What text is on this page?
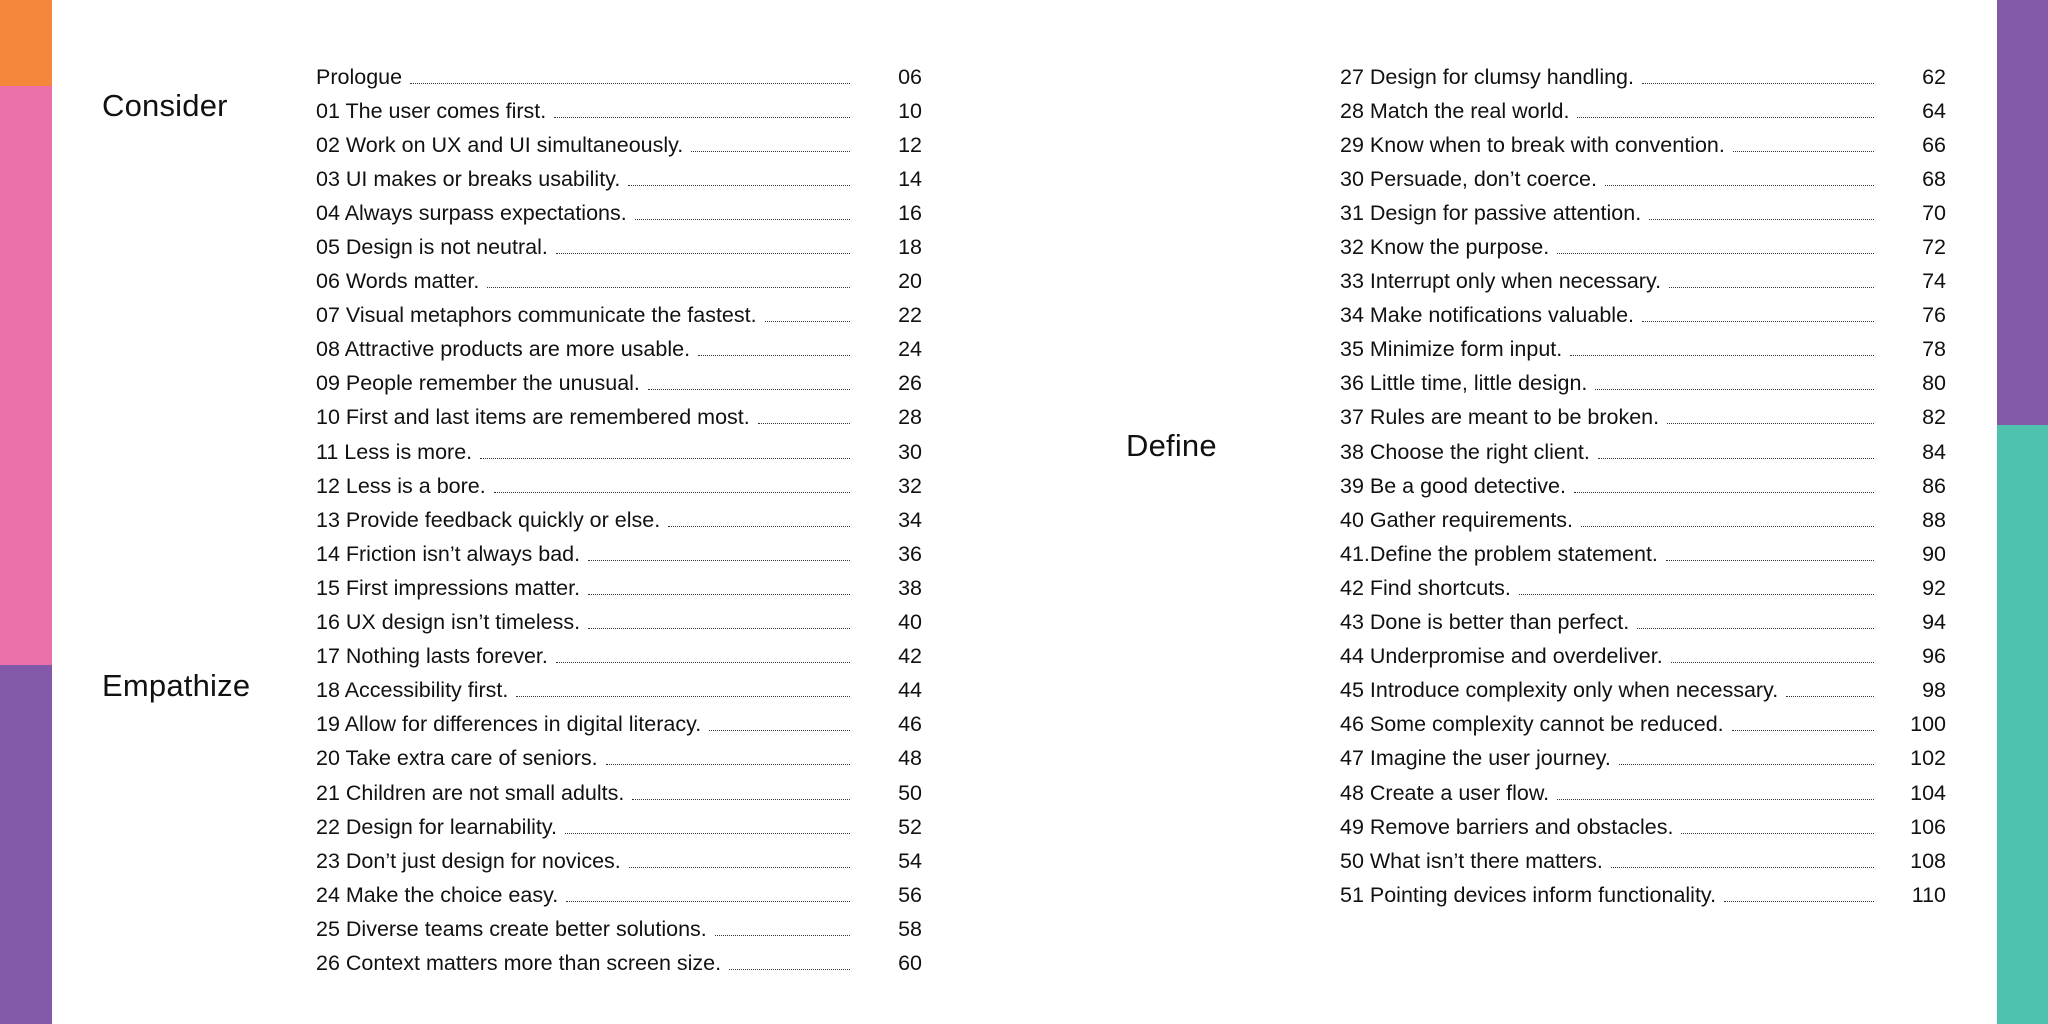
Consider
Empathize
Define
Prologue	06
01 The user comes first.	10
02 Work on UX and UI simultaneously.	12
03 UI makes or breaks usability.	14
04 Always surpass expectations.	16
05 Design is not neutral.	18
06 Words matter.	20
07 Visual metaphors communicate the fastest.	22
08 Attractive products are more usable.	24
09 People remember the unusual.	26
10 First and last items are remembered most.	28
11 Less is more.	30
12 Less is a bore.	32
13 Provide feedback quickly or else.	34
14 Friction isn’t always bad.	36
15 First impressions matter.	38
16 UX design isn’t timeless.	40
17 Nothing lasts forever.	42
18 Accessibility first.	44
19 Allow for differences in digital literacy.	46
20 Take extra care of seniors.	48
21 Children are not small adults.	50
22 Design for learnability.	52
23 Don’t just design for novices.	54
24 Make the choice easy.	56
25 Diverse teams create better solutions.	58
26 Context matters more than screen size.	60
27 Design for clumsy handling.	62
28 Match the real world.	64
29 Know when to break with convention.	66
30 Persuade, don’t coerce.	68
31 Design for passive attention.	70
32 Know the purpose.	72
33 Interrupt only when necessary.	74
34 Make notifications valuable.	76
35 Minimize form input.	78
36 Little time, little design.	80
37 Rules are meant to be broken.	82
38 Choose the right client.	84
39 Be a good detective.	86
40 Gather requirements.	88
41.Define the problem statement.	90
42 Find shortcuts.	92
43 Done is better than perfect.	94
44 Underpromise and overdeliver.	96
45 Introduce complexity only when necessary.	98
46 Some complexity cannot be reduced.	100
47 Imagine the user journey.	102
48 Create a user flow.	104
49 Remove barriers and obstacles.	106
50 What isn’t there matters.	108
51 Pointing devices inform functionality.	110
